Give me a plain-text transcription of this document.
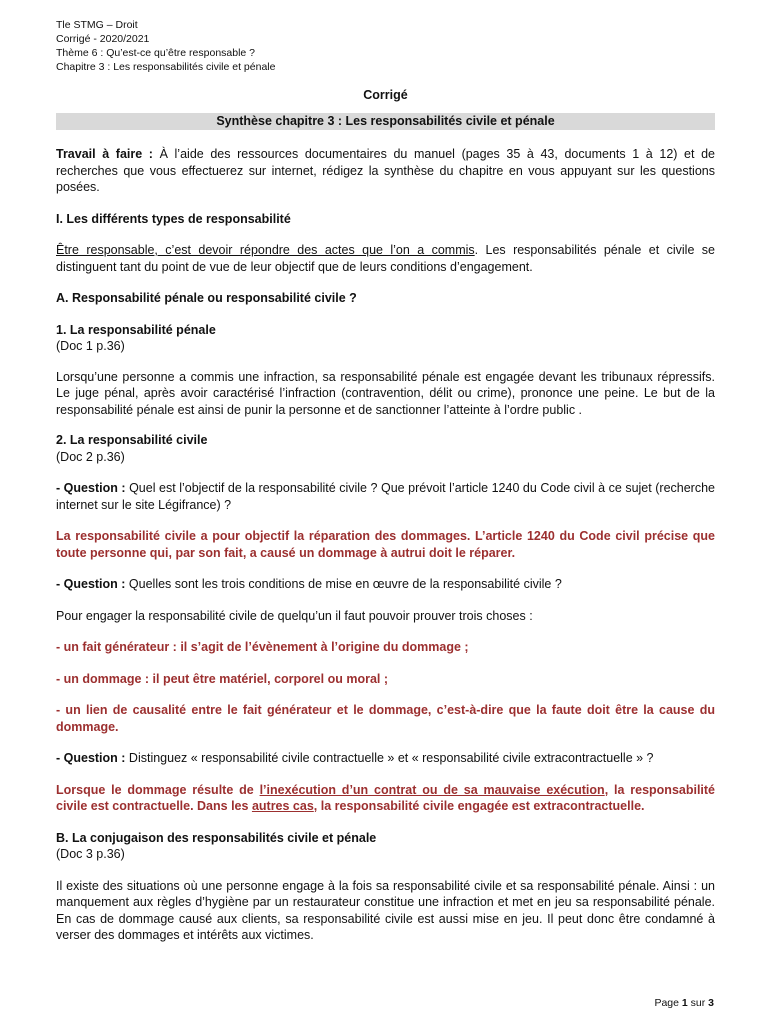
Tle STMG – Droit
Corrigé - 2020/2021
Thème 6 : Qu’est-ce qu’être responsable ?
Chapitre 3 : Les responsabilités civile et pénale
Corrigé
Synthèse chapitre 3 : Les responsabilités civile et pénale

Travail à faire : À l’aide des ressources documentaires du manuel (pages 35 à 43, documents 1 à 12) et de recherches que vous effectuerez sur internet, rédigez la synthèse du chapitre en vous appuyant sur les questions posées.

I. Les différents types de responsabilité

Être responsable, c’est devoir répondre des actes que l’on a commis. Les responsabilités pénale et civile se distinguent tant du point de vue de leur objectif que de leurs conditions d’engagement.

A. Responsabilité pénale ou responsabilité civile ?

1. La responsabilité pénale

(Doc 1 p.36)

Lorsqu’une personne a commis une infraction, sa responsabilité pénale est engagée devant les tribunaux répressifs. Le juge pénal, après avoir caractérisé l’infraction (contravention, délit ou crime), prononce une peine. Le but de la responsabilité pénale est ainsi de punir la personne et de sanctionner l’atteinte à l’ordre public .

2. La responsabilité civile

(Doc 2 p.36)

- Question : Quel est l’objectif de la responsabilité civile ? Que prévoit l’article 1240 du Code civil à ce sujet (recherche internet sur le site Légifrance) ?

La responsabilité civile a pour objectif la réparation des dommages. L’article 1240 du Code civil précise que toute personne qui, par son fait, a causé un dommage à autrui doit le réparer.

- Question : Quelles sont les trois conditions de mise en œuvre de la responsabilité civile ?

Pour engager la responsabilité civile de quelqu’un il faut pouvoir prouver trois choses :

- un fait générateur : il s’agit de l’évènement à l’origine du dommage ;

- un dommage : il peut être matériel, corporel ou moral ;

- un lien de causalité entre le fait générateur et le dommage, c’est-à-dire que la faute doit être la cause du dommage.

- Question : Distinguez « responsabilité civile contractuelle » et « responsabilité civile extracontractuelle » ?

Lorsque le dommage résulte de l’inexécution d’un contrat ou de sa mauvaise exécution, la responsabilité civile est contractuelle. Dans les autres cas, la responsabilité civile engagée est extracontractuelle.

B. La conjugaison des responsabilités civile et pénale

(Doc 3 p.36)

Il existe des situations où une personne engage à la fois sa responsabilité civile et sa responsabilité pénale. Ainsi : un manquement aux règles d’hygiène par un restaurateur constitue une infraction et met en jeu sa responsabilité pénale. En cas de dommage causé aux clients, sa responsabilité civile est aussi mise en jeu. Il peut donc être condamné à verser des dommages et intérêts aux victimes.

Page 1 sur 3
